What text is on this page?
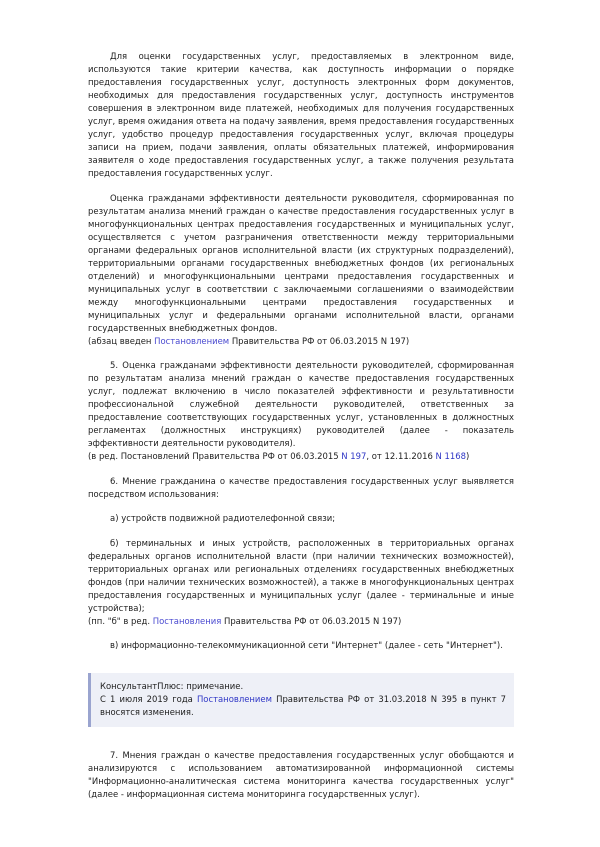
Для оценки государственных услуг, предоставляемых в электронном виде, используются такие критерии качества, как доступность информации о порядке предоставления государственных услуг, доступность электронных форм документов, необходимых для предоставления государственных услуг, доступность инструментов совершения в электронном виде платежей, необходимых для получения государственных услуг, время ожидания ответа на подачу заявления, время предоставления государственных услуг, удобство процедур предоставления государственных услуг, включая процедуры записи на прием, подачи заявления, оплаты обязательных платежей, информирования заявителя о ходе предоставления государственных услуг, а также получения результата предоставления государственных услуг.

Оценка гражданами эффективности деятельности руководителя, сформированная по результатам анализа мнений граждан о качестве предоставления государственных услуг в многофункциональных центрах предоставления государственных и муниципальных услуг, осуществляется с учетом разграничения ответственности между территориальными органами федеральных органов исполнительной власти (их структурных подразделений), территориальными органами государственных внебюджетных фондов (их региональных отделений) и многофункциональными центрами предоставления государственных и муниципальных услуг в соответствии с заключаемыми соглашениями о взаимодействии между многофункциональными центрами предоставления государственных и муниципальных услуг и федеральными органами исполнительной власти, органами государственных внебюджетных фондов.

(абзац введен Постановлением Правительства РФ от 06.03.2015 N 197)

5. Оценка гражданами эффективности деятельности руководителей, сформированная по результатам анализа мнений граждан о качестве предоставления государственных услуг, подлежат включению в число показателей эффективности и результативности профессиональной служебной деятельности руководителей, ответственных за предоставление соответствующих государственных услуг, установленных в должностных регламентах (должностных инструкциях) руководителей (далее - показатель эффективности деятельности руководителя).

(в ред. Постановлений Правительства РФ от 06.03.2015 N 197, от 12.11.2016 N 1168)

6. Мнение гражданина о качестве предоставления государственных услуг выявляется посредством использования:

а) устройств подвижной радиотелефонной связи;

б) терминальных и иных устройств, расположенных в территориальных органах федеральных органов исполнительной власти (при наличии технических возможностей), территориальных органах или региональных отделениях государственных внебюджетных фондов (при наличии технических возможностей), а также в многофункциональных центрах предоставления государственных и муниципальных услуг (далее - терминальные и иные устройства);

(пп. "б" в ред. Постановления Правительства РФ от 06.03.2015 N 197)

в) информационно-телекоммуникационной сети "Интернет" (далее - сеть "Интернет").

КонсультантПлюс: примечание.

С 1 июля 2019 года Постановлением Правительства РФ от 31.03.2018 N 395 в пункт 7 вносятся изменения.

7. Мнения граждан о качестве предоставления государственных услуг обобщаются и анализируются с использованием автоматизированной информационной системы "Информационно-аналитическая система мониторинга качества государственных услуг" (далее - информационная система мониторинга государственных услуг).
